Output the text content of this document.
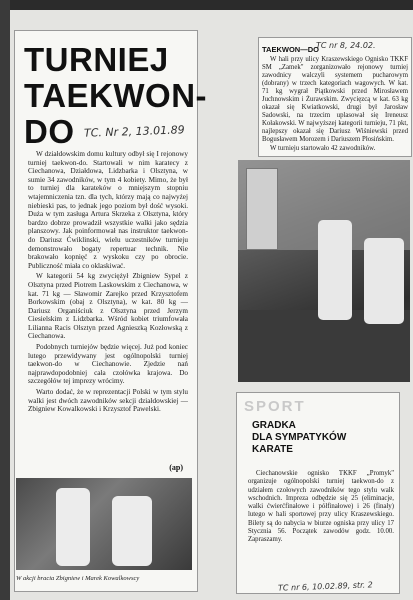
TURNIEJ
TAEKWON-
DO TC. Nr 2, 13.01.89

W działdowskim domu kultury odbył się I rejonowy turniej taekwon-do. Startowali w nim karatecy z Ciechanowa, Działdowa, Lidzbarka i Olsztyna, w sumie 34 zawodników, w tym 4 kobiety. Mimo, że był to turniej dla karateków o mniejszym stopniu wtajemniczenia tzn. dla tych, którzy mają co najwyżej niebieski pas, to jednak jego poziom był dość wysoki. Duża w tym zasługa Artura Skrzeka z Olsztyna, który bardzo dobrze prowadził wszystkie walki jako sędzia planszowy. Jak poinformował nas instruktor taekwon-do Dariusz Ćwiklinski, wielu uczestników turnieju demonstrowało bogaty repertuar technik. Nie brakowało kopnięć z wyskoku czy po obrocie. Publiczność miała co oklaskiwać.

W kategorii 54 kg zwyciężył Zbigniew Sypel z Olsztyna przed Piotrem Laskowskim z Ciechanowa, w kat. 71 kg — Sławomir Zarejko przed Krzysztofem Borkowskim (obaj z Olsztyna), w kat. 80 kg — Dariusz Organiściuk z Olsztyna przed Jerzym Ciesielskim z Lidzbarka. Wśród kobiet triumfowała Lilianna Racis Olsztyn przed Agnieszką Kozłowską z Ciechanowa.

Podobnych turniejów będzie więcej. Już pod koniec lutego przewidywany jest ogólnopolski turniej taekwon-do w Ciechanowie. Zjedzie nań najprawdopodobniej cała czołówka krajowa. Do szczegółów tej imprezy wrócimy.

Warto dodać, że w reprezentacji Polski w tym stylu walki jest dwóch zawodników sekcji działdowskiej — Zbigniew Kowalkowski i Krzysztof Pawelski.

(ap)
W akcji bracia Zbigniew i Marek Kowalkowscy
TC nr 8, 24.02.
TAEKWON—DO

W hali przy ulicy Kraszewskiego Ognisko TKKF SM „Zamek" zorganizowało rejonowy turniej zawodnicy walczyli systemem pucharowym (dobrany) w trzech kategoriach wagowych. W kat. 71 kg wygrał Piątkowski przed Mirosławem Juchnowskim i Żurawskim. Zwycięzcą w kat. 63 kg okazał się Kwiatkowski, drugi był Jarosław Sadowski, na trzecim uplasował się Ireneusz Kołakowski. W najwyższej kategorii turnieju, 71 pkt, najlepszy okazał się Dariusz Wiśniewski przed Bogusławem Morozem i Dariuszem Płosińskim.

W turnieju startowało 42 zawodników.

SPORT
GRADKA
DLA SYMPATYKÓW
KARATE

Ciechanowskie ognisko TKKF „Promyk" organizuje ogólnopolski turniej taekwon-do z udziałem czołowych zawodników tego stylu walk wschodnich. Impreza odbędzie się 25 (eliminacje, walki ćwierćfinałowe i półfinałowe) i 26 (finały) lutego w hali sportowej przy ulicy Kraszewskiego. Bilety są do nabycia w biurze ogniska przy ulicy 17 Stycznia 56. Początek zawodów godz. 10.00. Zapraszamy.

TC nr 6, 10.02.89, str. 2
